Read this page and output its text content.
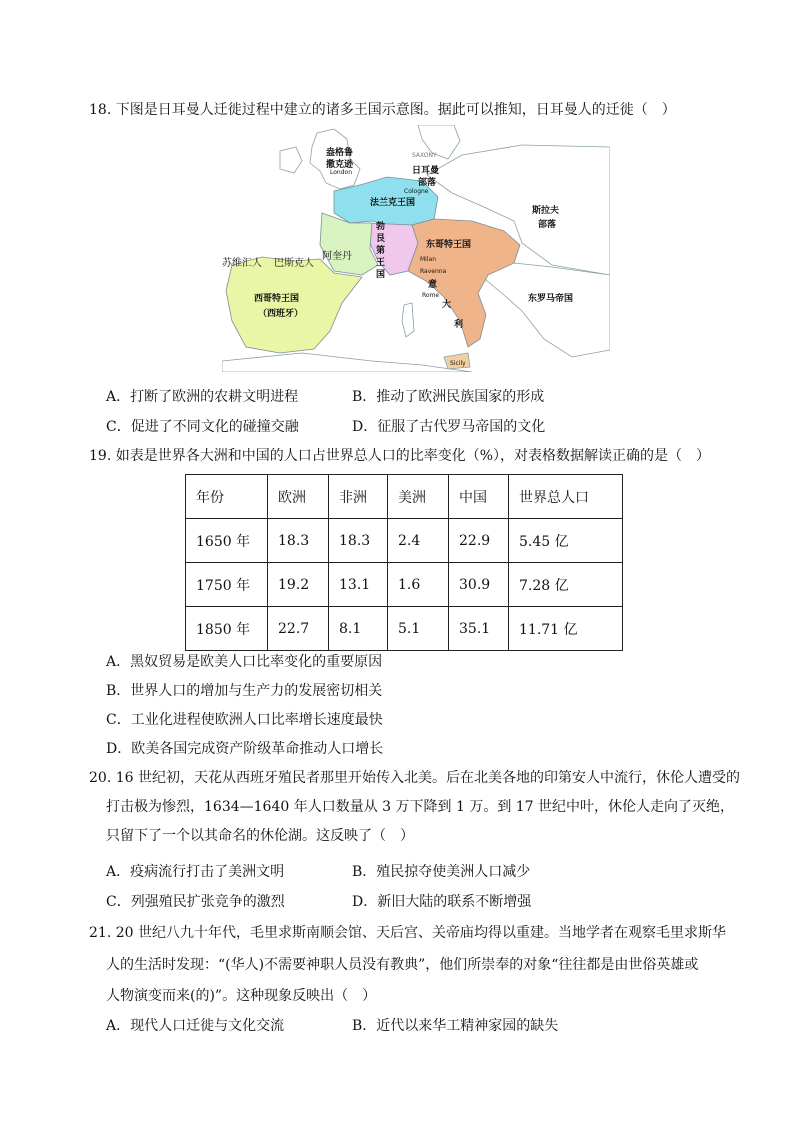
18. 下图是日耳曼人迁徙过程中建立的诸多王国示意图。据此可以推知，日耳曼人的迁徙（　）
盎格鲁
撒克逊
London
SAXONY
日耳曼
部落
Cologne
法兰克王国
勃
艮
第
王
国
斯拉夫
部落
东哥特王国
苏维汇人 巴斯克人
阿奎丹	Milan
Ravenna
意
大
利
Rome
西哥特王国
（西班牙）
东罗马帝国
Sicily
A．打断了欧洲的农耕文明进程	B．推动了欧洲民族国家的形成
C．促进了不同文化的碰撞交融	D．征服了古代罗马帝国的文化
19. 如表是世界各大洲和中国的人口占世界总人口的比率变化（%），对表格数据解读正确的是（　）
年份	欧洲	非洲	美洲	中国	世界总人口
1650 年	18.3	18.3	2.4	22.9	5.45 亿
1750 年	19.2	13.1	1.6	30.9	7.28 亿
1850 年	22.7	8.1	5.1	35.1	11.71 亿
A．黑奴贸易是欧美人口比率变化的重要原因
B．世界人口的增加与生产力的发展密切相关
C．工业化进程使欧洲人口比率增长速度最快
D．欧美各国完成资产阶级革命推动人口增长
20. 16 世纪初，天花从西班牙殖民者那里开始传入北美。后在北美各地的印第安人中流行，休伦人遭受的
打击极为惨烈，1634—1640 年人口数量从 3 万下降到 1 万。到 17 世纪中叶，休伦人走向了灭绝，
只留下了一个以其命名的休伦湖。这反映了（　）
A．疫病流行打击了美洲文明	B．殖民掠夺使美洲人口减少
C．列强殖民扩张竞争的激烈	D．新旧大陆的联系不断增强
21. 20 世纪八九十年代，毛里求斯南顺会馆、天后宫、关帝庙均得以重建。当地学者在观察毛里求斯华
人的生活时发现：“(华人)不需要神职人员没有教典”，他们所崇奉的对象“往往都是由世俗英雄或
人物演变而来(的)”。这种现象反映出（　）
A．现代人口迁徙与文化交流	B．近代以来华工精神家园的缺失
